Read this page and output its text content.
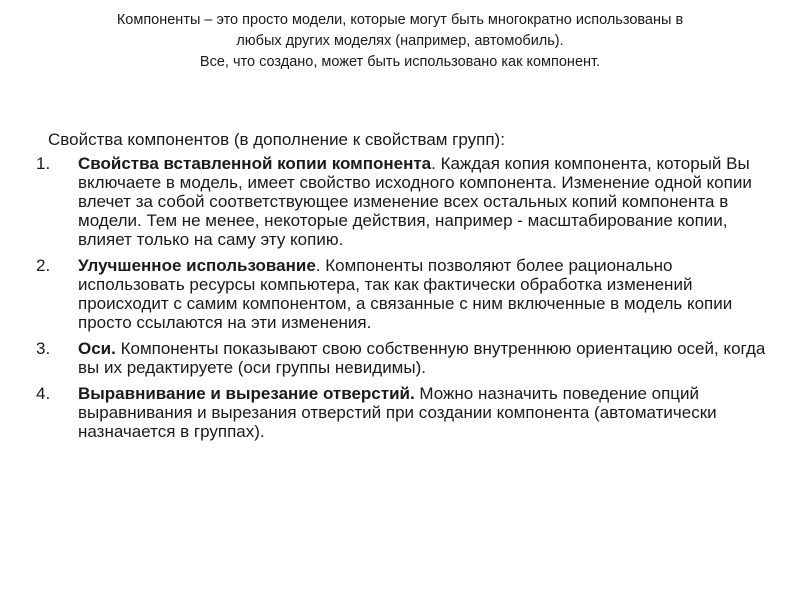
Компоненты – это просто модели, которые могут быть многократно использованы в
любых других моделях (например, автомобиль).
Все, что создано, может быть использовано как компонент.
Свойства компонентов (в дополнение к свойствам групп):
1. Свойства вставленной копии компонента. Каждая копия компонента, который Вы включаете в модель, имеет свойство исходного компонента. Изменение одной копии влечет за собой соответствующее изменение всех остальных копий компонента в модели. Тем не менее, некоторые действия, например - масштабирование копии, влияет только на саму эту копию.
2. Улучшенное использование. Компоненты позволяют более рационально использовать ресурсы компьютера, так как фактически обработка изменений происходит с самим компонентом, а связанные с ним включенные в модель копии просто ссылаются на эти изменения.
3. Оси. Компоненты показывают свою собственную внутреннюю ориентацию осей, когда вы их редактируете (оси группы невидимы).
4. Выравнивание и вырезание отверстий. Можно назначить поведение опций выравнивания и вырезания отверстий при создании компонента (автоматически назначается в группах).
